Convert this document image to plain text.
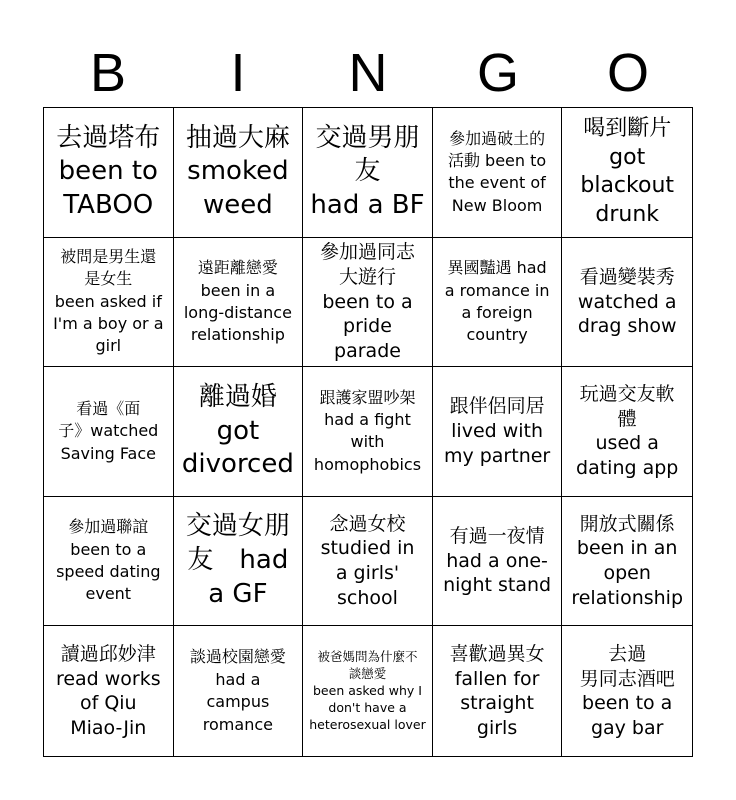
B	I	N	G	O
去過塔布
been to
TABOO
抽過大麻
smoked
weed
交過男朋
友
had a BF
參加過破土的
活動 been to
the event of
New Bloom
喝到斷片
got
blackout
drunk
被問是男生還
是女生
been asked if
I'm a boy or a
girl
遠距離戀愛
been in a
long-distance
relationship
參加過同志
大遊行
been to a
pride parade
異國豔遇 had
a romance in
a foreign
country
看過變裝秀
watched a
drag show
看過《面
子》watched
Saving Face
離過婚
got
divorced
跟護家盟吵架
had a fight
with
homophobics
跟伴侶同居
lived with
my partner
玩過交友軟
體
used a
dating app
參加過聯誼
been to a
speed dating
event
交過女朋
友　had
a GF
念過女校
studied in
a girls'
school
有過一夜情
had a one-
night stand
開放式關係
been in an
open
relationship
讀過邱妙津
read works
of Qiu
Miao-Jin
談過校園戀愛
had a
campus
romance
被爸媽問為什麼不
談戀愛
been asked why I
don't have a
heterosexual lover
喜歡過異女
fallen for
straight
girls
去過
男同志酒吧
been to a
gay bar
